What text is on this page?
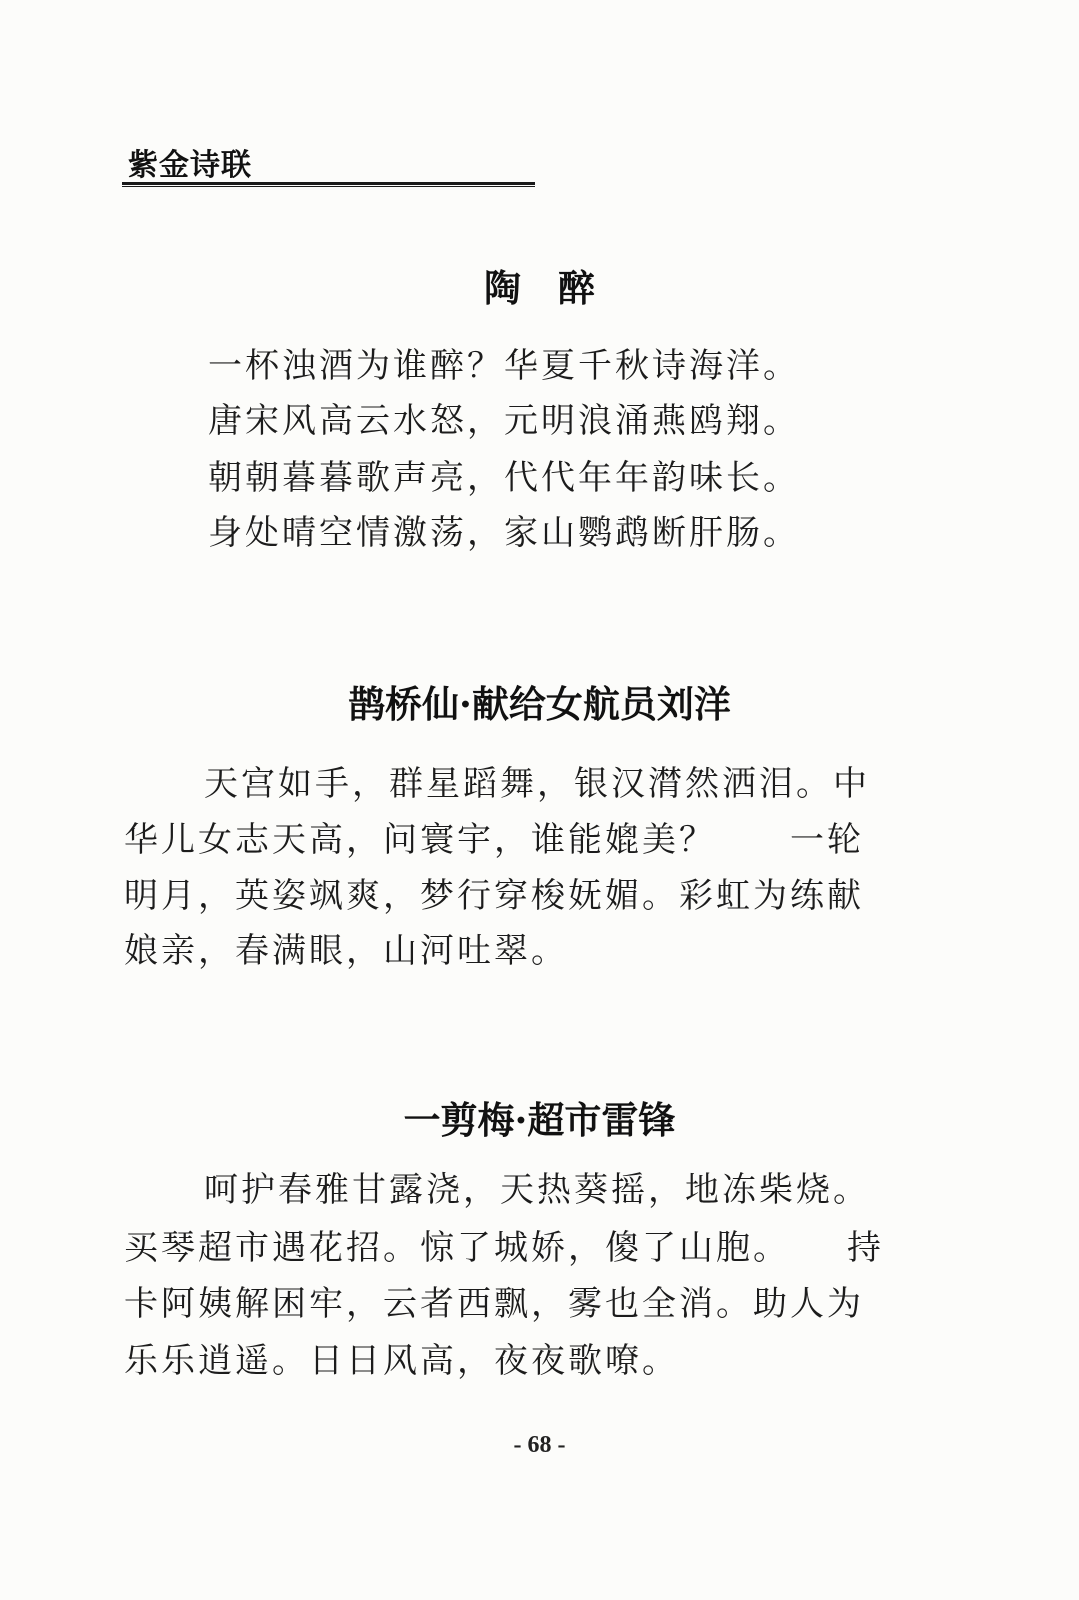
紫金诗联
陶　醉
一杯浊酒为谁醉？华夏千秋诗海洋。
唐宋风高云水怒，元明浪涌燕鸥翔。
朝朝暮暮歌声亮，代代年年韵味长。
身处晴空情激荡，家山鹦鹉断肝肠。
鹊桥仙·献给女航员刘洋
天宫如手，群星蹈舞，银汉潸然洒泪。中
华儿女志天高，问寰宇，谁能媲美？　　一轮
明月，英姿飒爽，梦行穿梭妩媚。彩虹为练献
娘亲，春满眼，山河吐翠。
一剪梅·超市雷锋
呵护春雅甘露浇，天热葵摇，地冻柴烧。
买琴超市遇花招。惊了城娇，傻了山胞。　　持
卡阿姨解困牢，云者西飘，雾也全消。助人为
乐乐逍遥。日日风高，夜夜歌嘹。
- 68 -
